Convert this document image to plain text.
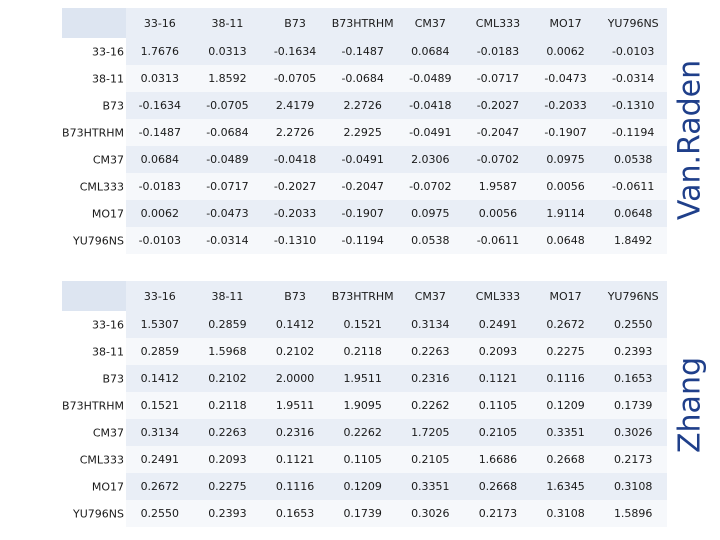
	33-16	38-11	B73	B73HTRHM	CM37	CML333	MO17	YU796NS

33-16	1.7676	0.0313	-0.1634	-0.1487	0.0684	-0.0183	0.0062	-0.0103

38-11	0.0313	1.8592	-0.0705	-0.0684	-0.0489	-0.0717	-0.0473	-0.0314

B73	-0.1634	-0.0705	2.4179	2.2726	-0.0418	-0.2027	-0.2033	-0.1310

B73HTRHM	-0.1487	-0.0684	2.2726	2.2925	-0.0491	-0.2047	-0.1907	-0.1194

CM37	0.0684	-0.0489	-0.0418	-0.0491	2.0306	-0.0702	0.0975	0.0538

CML333	-0.0183	-0.0717	-0.2027	-0.2047	-0.0702	1.9587	0.0056	-0.0611

MO17	0.0062	-0.0473	-0.2033	-0.1907	0.0975	0.0056	1.9114	0.0648

YU796NS	-0.0103	-0.0314	-0.1310	-0.1194	0.0538	-0.0611	0.0648	1.8492
	33-16	38-11	B73	B73HTRHM	CM37	CML333	MO17	YU796NS

33-16	1.5307	0.2859	0.1412	0.1521	0.3134	0.2491	0.2672	0.2550

38-11	0.2859	1.5968	0.2102	0.2118	0.2263	0.2093	0.2275	0.2393

B73	0.1412	0.2102	2.0000	1.9511	0.2316	0.1121	0.1116	0.1653

B73HTRHM	0.1521	0.2118	1.9511	1.9095	0.2262	0.1105	0.1209	0.1739

CM37	0.3134	0.2263	0.2316	0.2262	1.7205	0.2105	0.3351	0.3026

CML333	0.2491	0.2093	0.1121	0.1105	0.2105	1.6686	0.2668	0.2173

MO17	0.2672	0.2275	0.1116	0.1209	0.3351	0.2668	1.6345	0.3108

YU796NS	0.2550	0.2393	0.1653	0.1739	0.3026	0.2173	0.3108	1.5896
Van.Raden
Zhang
